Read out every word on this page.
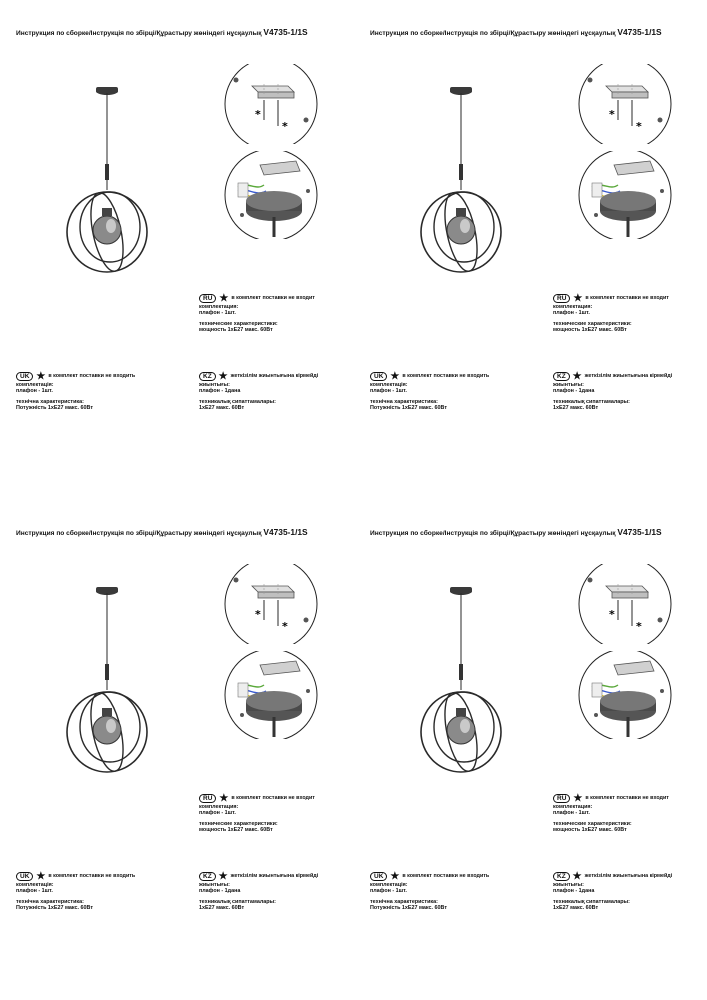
Инструкция по сборке/Інструкція по збірці/Құрастыру жөніндегі нұсқаулық V4735-1/1S
*
*
RU ★ в комплект поставки не входит
комплектация:
плафон - 1шт.
технические характеристики:
мощность 1хE27 макс. 60Вт
UK ★ в комплект поставки не входить
комплектація:
плафон - 1шт.
технічна характеристика:
Потужність 1хE27 макс. 60Вт
KZ ★ жеткізілім жиынтығына кірмейді
жиынтығы:
плафон - 1дана
техникалық сипаттамалары:
1хE27 макс. 60Вт
Инструкция по сборке/Інструкція по збірці/Құрастыру жөніндегі нұсқаулық V4735-1/1S
*
*
RU ★ в комплект поставки не входит
комплектация:
плафон - 1шт.
технические характеристики:
мощность 1хE27 макс. 60Вт
UK ★ в комплект поставки не входить
комплектація:
плафон - 1шт.
технічна характеристика:
Потужність 1хE27 макс. 60Вт
KZ ★ жеткізілім жиынтығына кірмейді
жиынтығы:
плафон - 1дана
техникалық сипаттамалары:
1хE27 макс. 60Вт
Инструкция по сборке/Інструкція по збірці/Құрастыру жөніндегі нұсқаулық V4735-1/1S
*
*
RU ★ в комплект поставки не входит
комплектация:
плафон - 1шт.
технические характеристики:
мощность 1хE27 макс. 60Вт
UK ★ в комплект поставки не входить
комплектація:
плафон - 1шт.
технічна характеристика:
Потужність 1хE27 макс. 60Вт
KZ ★ жеткізілім жиынтығына кірмейді
жиынтығы:
плафон - 1дана
техникалық сипаттамалары:
1хE27 макс. 60Вт
Инструкция по сборке/Інструкція по збірці/Құрастыру жөніндегі нұсқаулық V4735-1/1S
*
*
RU ★ в комплект поставки не входит
комплектация:
плафон - 1шт.
технические характеристики:
мощность 1хE27 макс. 60Вт
UK ★ в комплект поставки не входить
комплектація:
плафон - 1шт.
технічна характеристика:
Потужність 1хE27 макс. 60Вт
KZ ★ жеткізілім жиынтығына кірмейді
жиынтығы:
плафон - 1дана
техникалық сипаттамалары:
1хE27 макс. 60Вт
